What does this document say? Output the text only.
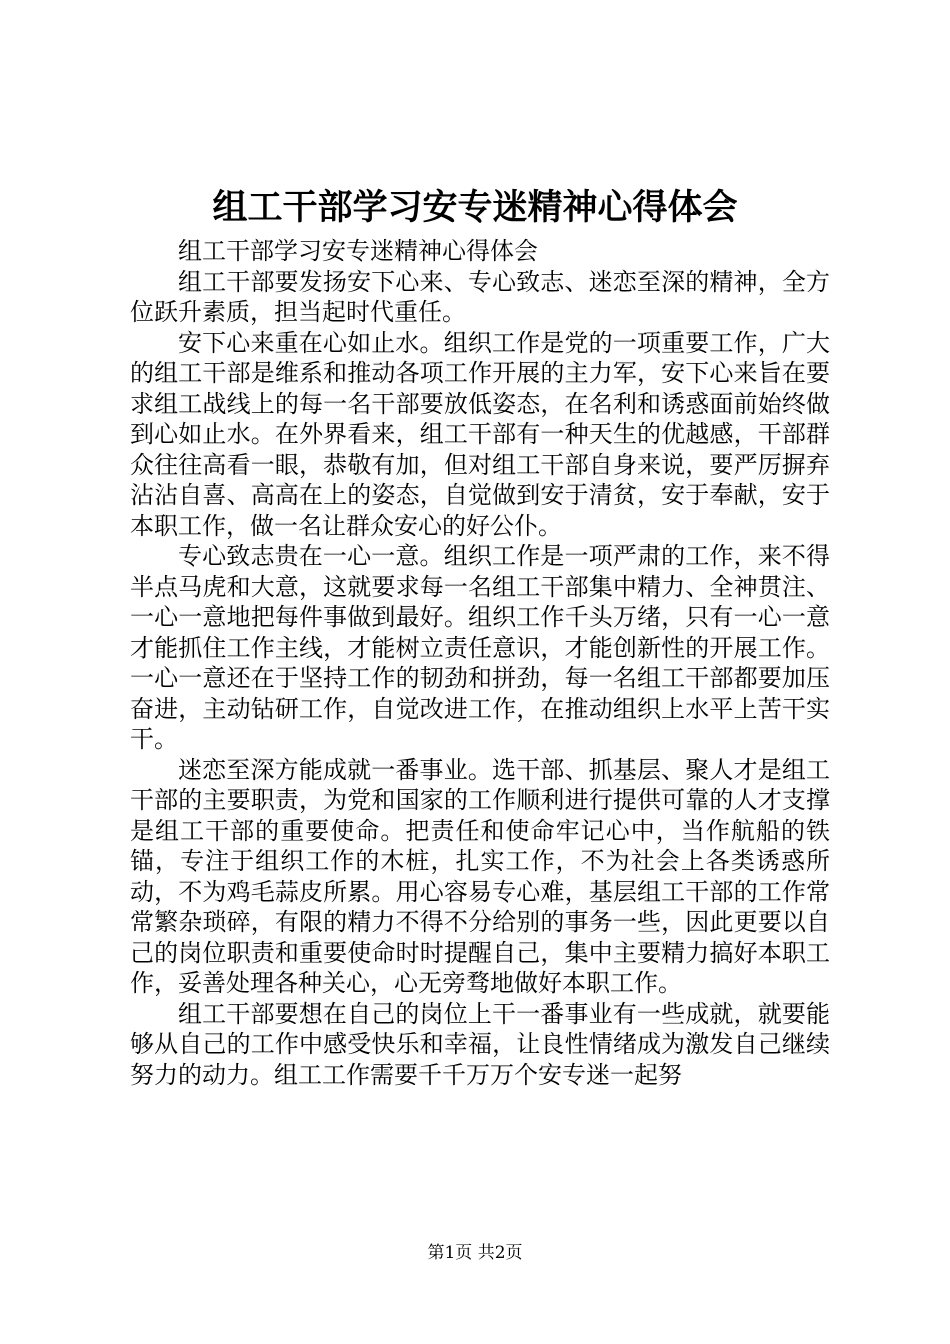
组工干部学习安专迷精神心得体会

组工干部学习安专迷精神心得体会

组工干部要发扬安下心来、专心致志、迷恋至深的精神，全方位跃升素质，担当起时代重任。

安下心来重在心如止水。组织工作是党的一项重要工作，广大的组工干部是维系和推动各项工作开展的主力军，安下心来旨在要求组工战线上的每一名干部要放低姿态，在名利和诱惑面前始终做到心如止水。在外界看来，组工干部有一种天生的优越感，干部群众往往高看一眼，恭敬有加，但对组工干部自身来说，要严厉摒弃沾沾自喜、高高在上的姿态，自觉做到安于清贫，安于奉献，安于本职工作，做一名让群众安心的好公仆。

专心致志贵在一心一意。组织工作是一项严肃的工作，来不得半点马虎和大意，这就要求每一名组工干部集中精力、全神贯注、一心一意地把每件事做到最好。组织工作千头万绪，只有一心一意才能抓住工作主线，才能树立责任意识，才能创新性的开展工作。一心一意还在于坚持工作的韧劲和拼劲，每一名组工干部都要加压奋进，主动钻研工作，自觉改进工作，在推动组织上水平上苦干实干。

迷恋至深方能成就一番事业。选干部、抓基层、聚人才是组工干部的主要职责，为党和国家的工作顺利进行提供可靠的人才支撑是组工干部的重要使命。把责任和使命牢记心中，当作航船的铁锚，专注于组织工作的木桩，扎实工作，不为社会上各类诱惑所动，不为鸡毛蒜皮所累。用心容易专心难，基层组工干部的工作常常繁杂琐碎，有限的精力不得不分给别的事务一些，因此更要以自己的岗位职责和重要使命时时提醒自己，集中主要精力搞好本职工作，妥善处理各种关心，心无旁骛地做好本职工作。

组工干部要想在自己的岗位上干一番事业有一些成就，就要能够从自己的工作中感受快乐和幸福，让良性情绪成为激发自己继续努力的动力。组工工作需要千千万万个安专迷一起努

第1页 共2页
